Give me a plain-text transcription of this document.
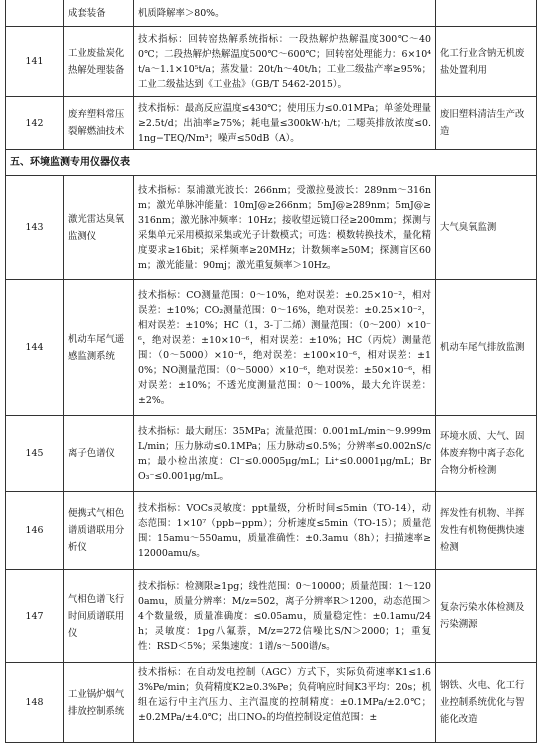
	成套装备	机质降解率＞80%。	
141	工业废盐炭化热解处理装备	技术指标：回转窑热解系统指标：一段热解炉热解温度300℃～400℃；二段热解炉热解温度500℃～600℃；回转窑处理能力：6×10⁴t/a～1.1×10⁵t/a；蒸发量：20t/h～40t/h；工业二级盐产率≥95%；工业二级盐达到《工业盐》（GB/T 5462-2015）。	化工行业含钠无机废盐处置利用
142	废弃塑料常压裂解燃油技术	技术指标：最高反应温度≤430℃；使用压力≤0.01MPa；单釜处理量≥2.5t/d；出油率≥75%；耗电量≤300kW·h/t；二噁英排放浓度≤0.1ng−TEQ/Nm³；噪声≤50dB（A）。	废旧塑料清洁生产改造
五、环境监测专用仪器仪表			
143	激光雷达臭氧监测仪	技术指标：泵浦激光波长：266nm；受激拉曼波长：289nm～316nm；激光单脉冲能量：10mJ@≥266nm；5mJ@≥289nm；5mJ@≥316nm；激光脉冲频率：10Hz；接收望远镜口径≥200mm；探测与采集单元采用模拟采集或光子计数模式；可选：模数转换技术，量化精度要求≥16bit；采样频率≥20MHz；计数频率≥50M；探测盲区60m；激光能量：90mj；激光重复频率＞10Hz。	大气臭氧监测
144	机动车尾气遥感监测系统	技术指标：CO测量范围：0～10%，绝对误差：±0.25×10⁻²，相对误差：±10%；CO₂测量范围：0～16%，绝对误差：±0.25×10⁻²，相对误差：±10%；HC（1，3-丁二烯）测量范围：（0～200）×10⁻⁶，绝对误差：±10×10⁻⁶，相对误差：±10%；HC（丙烷）测量范围：（0～5000）×10⁻⁶，绝对误差：±100×10⁻⁶，相对误差：±10%；NO测量范围：（0～5000）×10⁻⁶，绝对误差：±50×10⁻⁶，相对误差：±10%；不透光度测量范围：0～100%，最大允许误差：±2%。	机动车尾气排放监测
145	离子色谱仪	技术指标：最大耐压：35MPa；流量范围：0.001mL/min～9.999mL/min；压力脉动≤0.1MPa；压力脉动≤0.5%；分辨率≤0.002nS/cm；最小检出浓度：Cl⁻≤0.0005μg/mL；Li⁺≤0.0001μg/mL；BrO₃⁻≤0.001μg/mL。	环境水质、大气、固体废弃物中离子态化合物分析检测
146	便携式气相色谱质谱联用分析仪	技术指标：VOCs灵敏度：ppt量级，分析时间≤5min（TO-14），动态范围：1×10⁷（ppb−ppm）；分析速度≤5min（TO-15）；质量范围：15amu～550amu，质量准确性：±0.3amu（8h）；扫描速率≥12000amu/s。	挥发性有机物、半挥发性有机物便携快速检测
147	气相色谱飞行时间质谱联用仪	技术指标：检测限≥1pg；线性范围：0～10000；质量范围：1～1200amu，质量分辨率：M/z=502，离子分辨率R＞1200，动态范围＞4个数量级，质量准确度：≤0.05amu，质量稳定性：±0.1amu/24h；灵敏度：1pg八氟萘，M/z=272信噪比S/N＞2000；1；重复性：RSD＜5%；采集速度：1谱/s～500谱/s。	复杂污染水体检测及污染溯源
148	工业锅炉烟气排放控制系统	技术指标：在自动发电控制（AGC）方式下，实际负荷速率K1≤1.63%Pe/min；负荷精度K2≥0.3%Pe；负荷响应时间K3平均：20s；机组在运行中主汽压力、主汽温度的控制精度：±0.1MPa/±2.0℃；±0.2MPa/±4.0℃；出口NOₓ的均值控制设定值范围：±	钢铁、火电、化工行业控制系统优化与智能化改造
